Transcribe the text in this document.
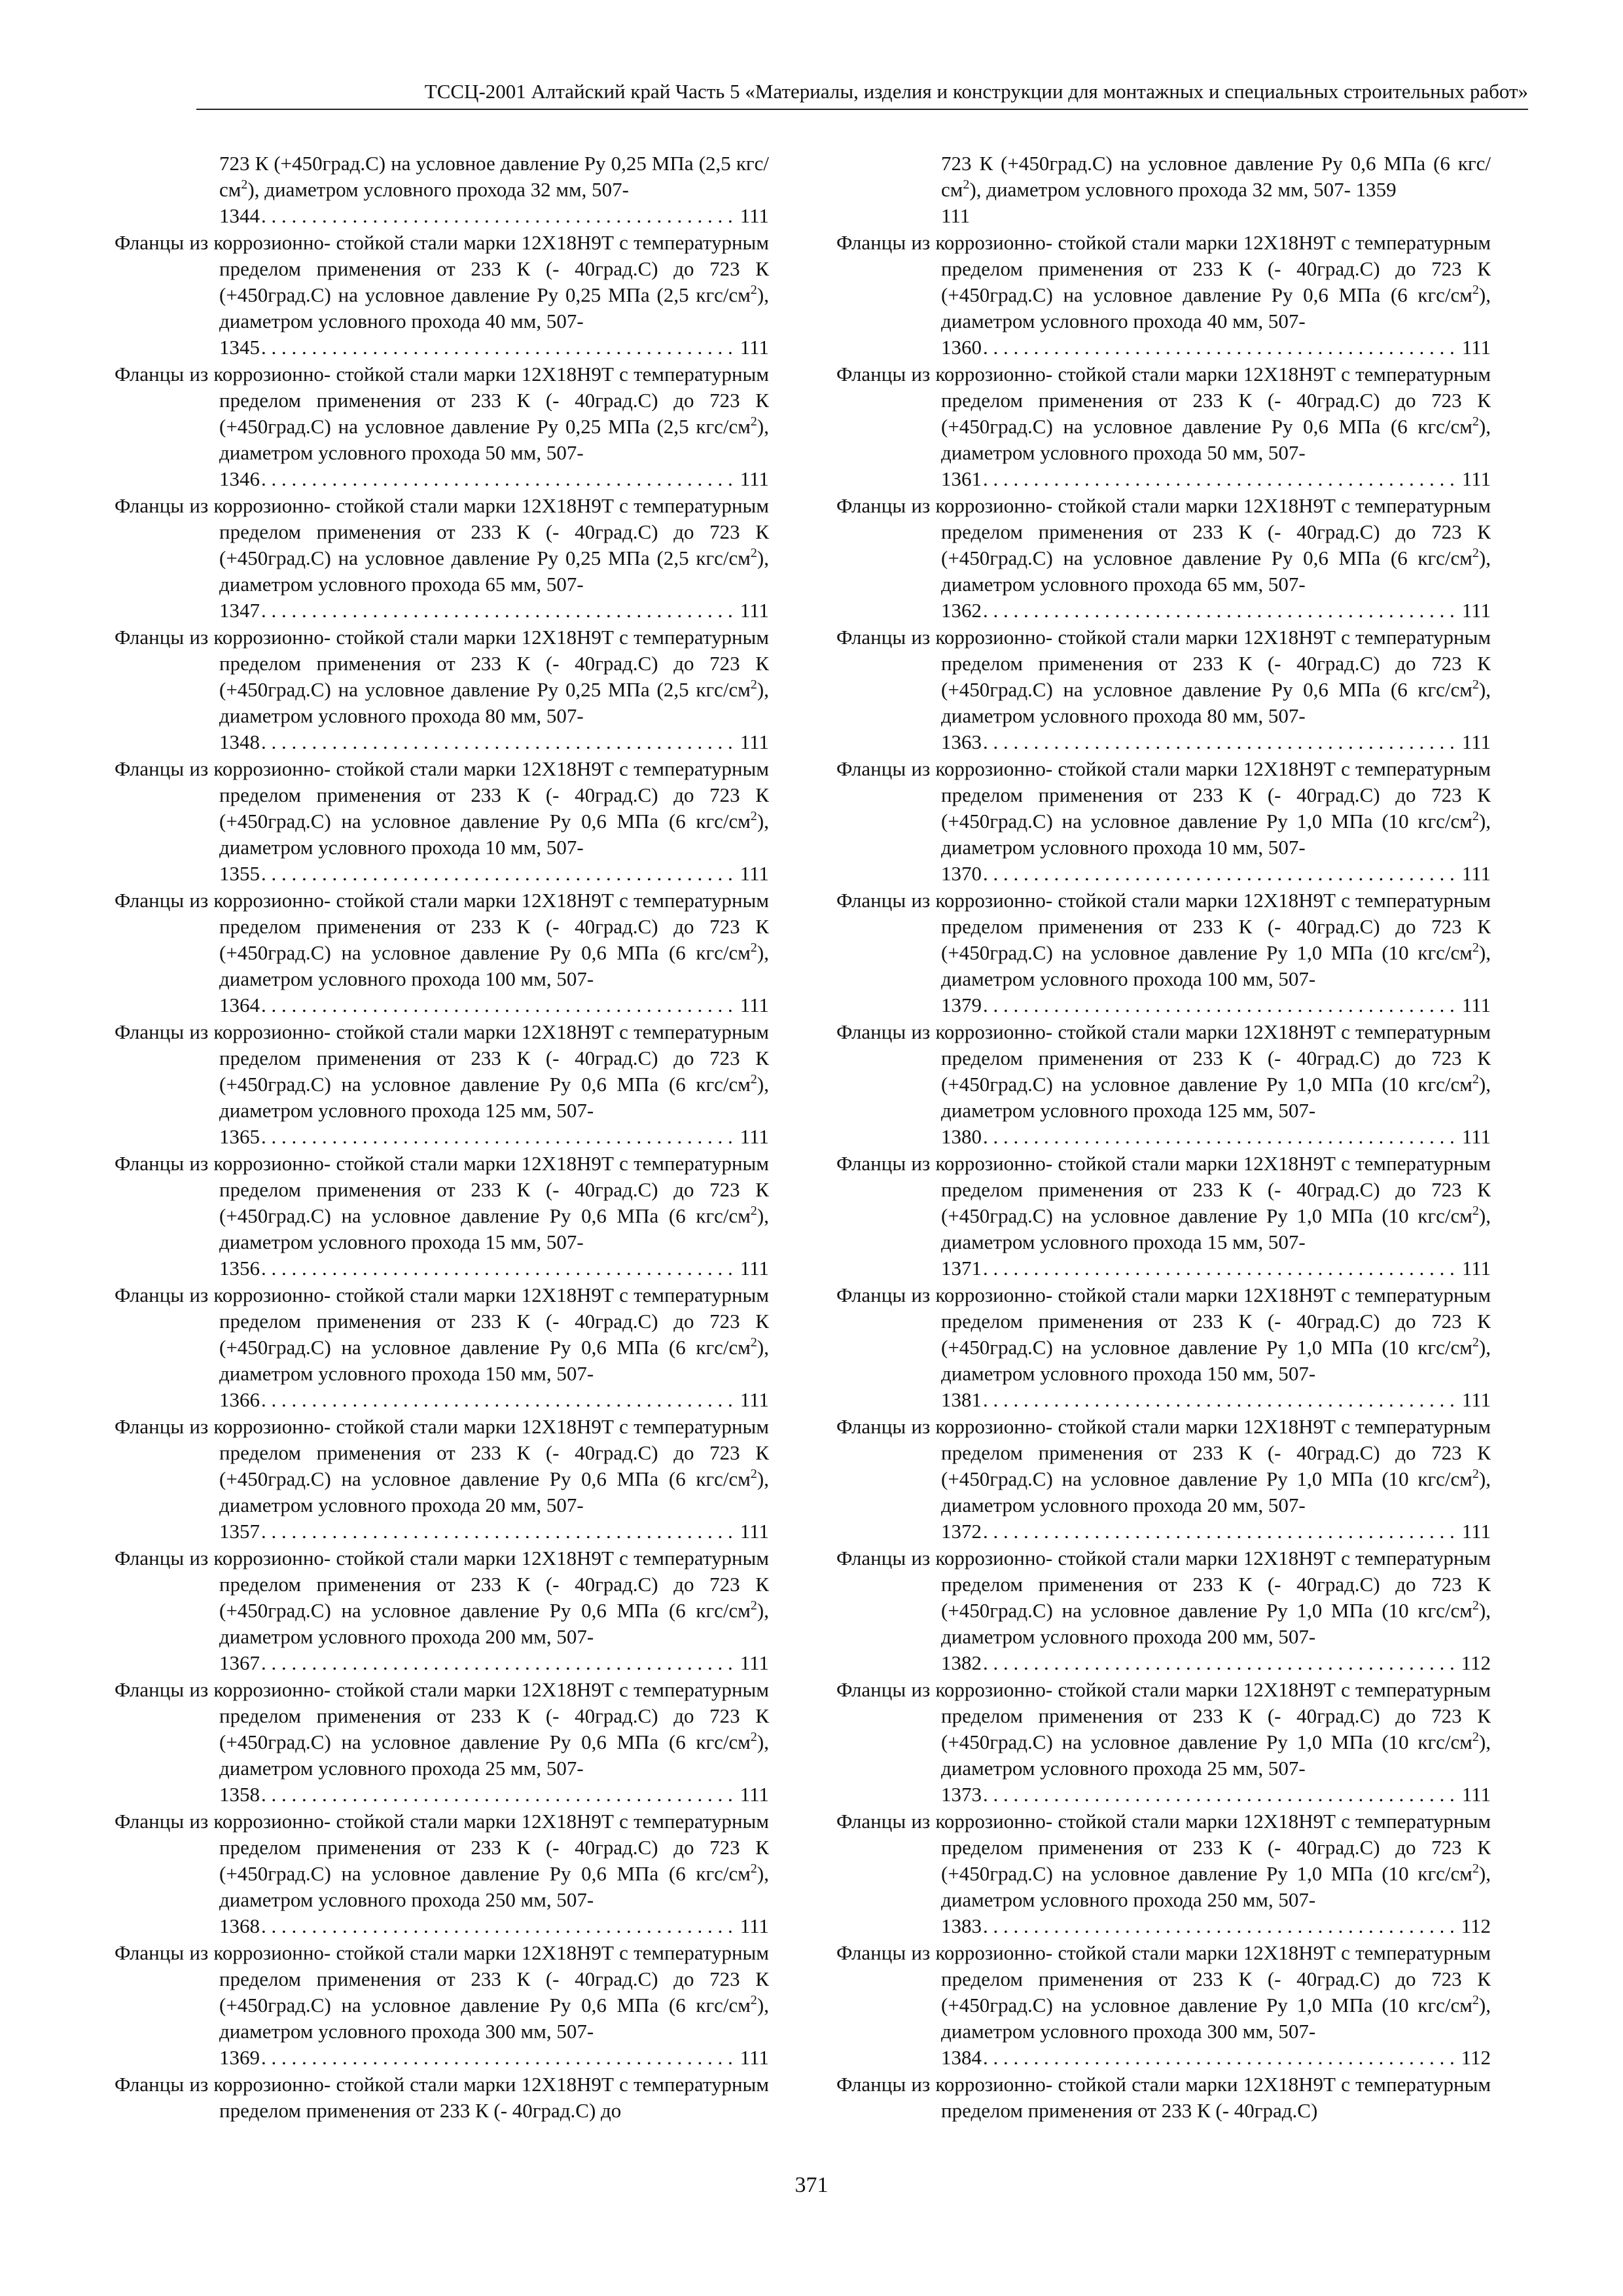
ТССЦ-2001 Алтайский край Часть 5 «Материалы, изделия и конструкции для монтажных и специальных строительных работ»
723 К (+450град.С) на условное давление Ру 0,25 МПа (2,5 кгс/$см^2$), диаметром условного прохода 32 мм, 507-
1344 . . .	111
Фланцы из коррозионно- стойкой стали марки 12Х18Н9Т с температурным пределом применения от 233 К (- 40град.С) до 723 К (+450град.С) на условное давление Ру 0,25 МПа (2,5 кгс/$см^2$), диаметром условного прохода 40 мм, 507-
1345 . . .	111
Фланцы из коррозионно- стойкой стали марки 12Х18Н9Т с температурным пределом применения от 233 К (- 40град.С) до 723 К (+450град.С) на условное давление Ру 0,25 МПа (2,5 кгс/$см^2$), диаметром условного прохода 50 мм, 507-
1346 . . .	111
Фланцы из коррозионно- стойкой стали марки 12Х18Н9Т с температурным пределом применения от 233 К (- 40град.С) до 723 К (+450град.С) на условное давление Ру 0,25 МПа (2,5 кгс/$см^2$), диаметром условного прохода 65 мм, 507-
1347 . . .	111
Фланцы из коррозионно- стойкой стали марки 12Х18Н9Т с температурным пределом применения от 233 К (- 40град.С) до 723 К (+450град.С) на условное давление Ру 0,25 МПа (2,5 кгс/$см^2$), диаметром условного прохода 80 мм, 507-
1348 . . .	111
Фланцы из коррозионно- стойкой стали марки 12Х18Н9Т с температурным пределом применения от 233 К (- 40град.С) до 723 К (+450град.С) на условное давление Ру 0,6 МПа (6 кгс/$см^2$), диаметром условного прохода 10 мм, 507-
1355 . . .	111
Фланцы из коррозионно- стойкой стали марки 12Х18Н9Т с температурным пределом применения от 233 К (- 40град.С) до 723 К (+450град.С) на условное давление Ру 0,6 МПа (6 кгс/$см^2$), диаметром условного прохода 100 мм, 507-
1364 . . .	111
Фланцы из коррозионно- стойкой стали марки 12Х18Н9Т с температурным пределом применения от 233 К (- 40град.С) до 723 К (+450град.С) на условное давление Ру 0,6 МПа (6 кгс/$см^2$), диаметром условного прохода 125 мм, 507-
1365 . . .	111
Фланцы из коррозионно- стойкой стали марки 12Х18Н9Т с температурным пределом применения от 233 К (- 40град.С) до 723 К (+450град.С) на условное давление Ру 0,6 МПа (6 кгс/$см^2$), диаметром условного прохода 15 мм, 507-
1356 . . .	111
Фланцы из коррозионно- стойкой стали марки 12Х18Н9Т с температурным пределом применения от 233 К (- 40град.С) до 723 К (+450град.С) на условное давление Ру 0,6 МПа (6 кгс/$см^2$), диаметром условного прохода 150 мм, 507-
1366 . . .	111
Фланцы из коррозионно- стойкой стали марки 12Х18Н9Т с температурным пределом применения от 233 К (- 40град.С) до 723 К (+450град.С) на условное давление Ру 0,6 МПа (6 кгс/$см^2$), диаметром условного прохода 20 мм, 507-
1357 . . .	111
Фланцы из коррозионно- стойкой стали марки 12Х18Н9Т с температурным пределом применения от 233 К (- 40град.С) до 723 К (+450град.С) на условное давление Ру 0,6 МПа (6 кгс/$см^2$), диаметром условного прохода 200 мм, 507-
1367 . . .	111
Фланцы из коррозионно- стойкой стали марки 12Х18Н9Т с температурным пределом применения от 233 К (- 40град.С) до 723 К (+450град.С) на условное давление Ру 0,6 МПа (6 кгс/$см^2$), диаметром условного прохода 25 мм, 507-
1358 . . .	111
Фланцы из коррозионно- стойкой стали марки 12Х18Н9Т с температурным пределом применения от 233 К (- 40град.С) до 723 К (+450град.С) на условное давление Ру 0,6 МПа (6 кгс/$см^2$), диаметром условного прохода 250 мм, 507-
1368 . . .	111
Фланцы из коррозионно- стойкой стали марки 12Х18Н9Т с температурным пределом применения от 233 К (- 40град.С) до 723 К (+450град.С) на условное давление Ру 0,6 МПа (6 кгс/$см^2$), диаметром условного прохода 300 мм, 507-
1369 . . .	111
Фланцы из коррозионно- стойкой стали марки 12Х18Н9Т с температурным пределом применения от 233 К (- 40град.С) до
723 К (+450град.С) на условное давление Ру 0,6 МПа (6 кгс/$см^2$), диаметром условного прохода 32 мм, 507- 1359
111
Фланцы из коррозионно- стойкой стали марки 12Х18Н9Т с температурным пределом применения от 233 К (- 40град.С) до 723 К (+450град.С) на условное давление Ру 0,6 МПа (6 кгс/$см^2$), диаметром условного прохода 40 мм, 507-
1360 . . .	111
Фланцы из коррозионно- стойкой стали марки 12Х18Н9Т с температурным пределом применения от 233 К (- 40град.С) до 723 К (+450град.С) на условное давление Ру 0,6 МПа (6 кгс/$см^2$), диаметром условного прохода 50 мм, 507-
1361 . . .	111
Фланцы из коррозионно- стойкой стали марки 12Х18Н9Т с температурным пределом применения от 233 К (- 40град.С) до 723 К (+450град.С) на условное давление Ру 0,6 МПа (6 кгс/$см^2$), диаметром условного прохода 65 мм, 507-
1362 . . .	111
Фланцы из коррозионно- стойкой стали марки 12Х18Н9Т с температурным пределом применения от 233 К (- 40град.С) до 723 К (+450град.С) на условное давление Ру 0,6 МПа (6 кгс/$см^2$), диаметром условного прохода 80 мм, 507-
1363 . . .	111
Фланцы из коррозионно- стойкой стали марки 12Х18Н9Т с температурным пределом применения от 233 К (- 40град.С) до 723 К (+450град.С) на условное давление Ру 1,0 МПа (10 кгс/$см^2$), диаметром условного прохода 10 мм, 507-
1370 . . .	111
Фланцы из коррозионно- стойкой стали марки 12Х18Н9Т с температурным пределом применения от 233 К (- 40град.С) до 723 К (+450град.С) на условное давление Ру 1,0 МПа (10 кгс/$см^2$), диаметром условного прохода 100 мм, 507-
1379 . . .	111
Фланцы из коррозионно- стойкой стали марки 12Х18Н9Т с температурным пределом применения от 233 К (- 40град.С) до 723 К (+450град.С) на условное давление Ру 1,0 МПа (10 кгс/$см^2$), диаметром условного прохода 125 мм, 507-
1380 . . .	111
Фланцы из коррозионно- стойкой стали марки 12Х18Н9Т с температурным пределом применения от 233 К (- 40град.С) до 723 К (+450град.С) на условное давление Ру 1,0 МПа (10 кгс/$см^2$), диаметром условного прохода 15 мм, 507-
1371 . . .	111
Фланцы из коррозионно- стойкой стали марки 12Х18Н9Т с температурным пределом применения от 233 К (- 40град.С) до 723 К (+450град.С) на условное давление Ру 1,0 МПа (10 кгс/$см^2$), диаметром условного прохода 150 мм, 507-
1381 . . .	111
Фланцы из коррозионно- стойкой стали марки 12Х18Н9Т с температурным пределом применения от 233 К (- 40град.С) до 723 К (+450град.С) на условное давление Ру 1,0 МПа (10 кгс/$см^2$), диаметром условного прохода 20 мм, 507-
1372 . . .	111
Фланцы из коррозионно- стойкой стали марки 12Х18Н9Т с температурным пределом применения от 233 К (- 40град.С) до 723 К (+450град.С) на условное давление Ру 1,0 МПа (10 кгс/$см^2$), диаметром условного прохода 200 мм, 507-
1382 . . .	112
Фланцы из коррозионно- стойкой стали марки 12Х18Н9Т с температурным пределом применения от 233 К (- 40град.С) до 723 К (+450град.С) на условное давление Ру 1,0 МПа (10 кгс/$см^2$), диаметром условного прохода 25 мм, 507-
1373 . . .	111
Фланцы из коррозионно- стойкой стали марки 12Х18Н9Т с температурным пределом применения от 233 К (- 40град.С) до 723 К (+450град.С) на условное давление Ру 1,0 МПа (10 кгс/$см^2$), диаметром условного прохода 250 мм, 507-
1383 . . .	112
Фланцы из коррозионно- стойкой стали марки 12Х18Н9Т с температурным пределом применения от 233 К (- 40град.С) до 723 К (+450град.С) на условное давление Ру 1,0 МПа (10 кгс/$см^2$), диаметром условного прохода 300 мм, 507-
1384 . . .	112
Фланцы из коррозионно- стойкой стали марки 12Х18Н9Т с температурным пределом применения от 233 К (- 40град.С)
371
